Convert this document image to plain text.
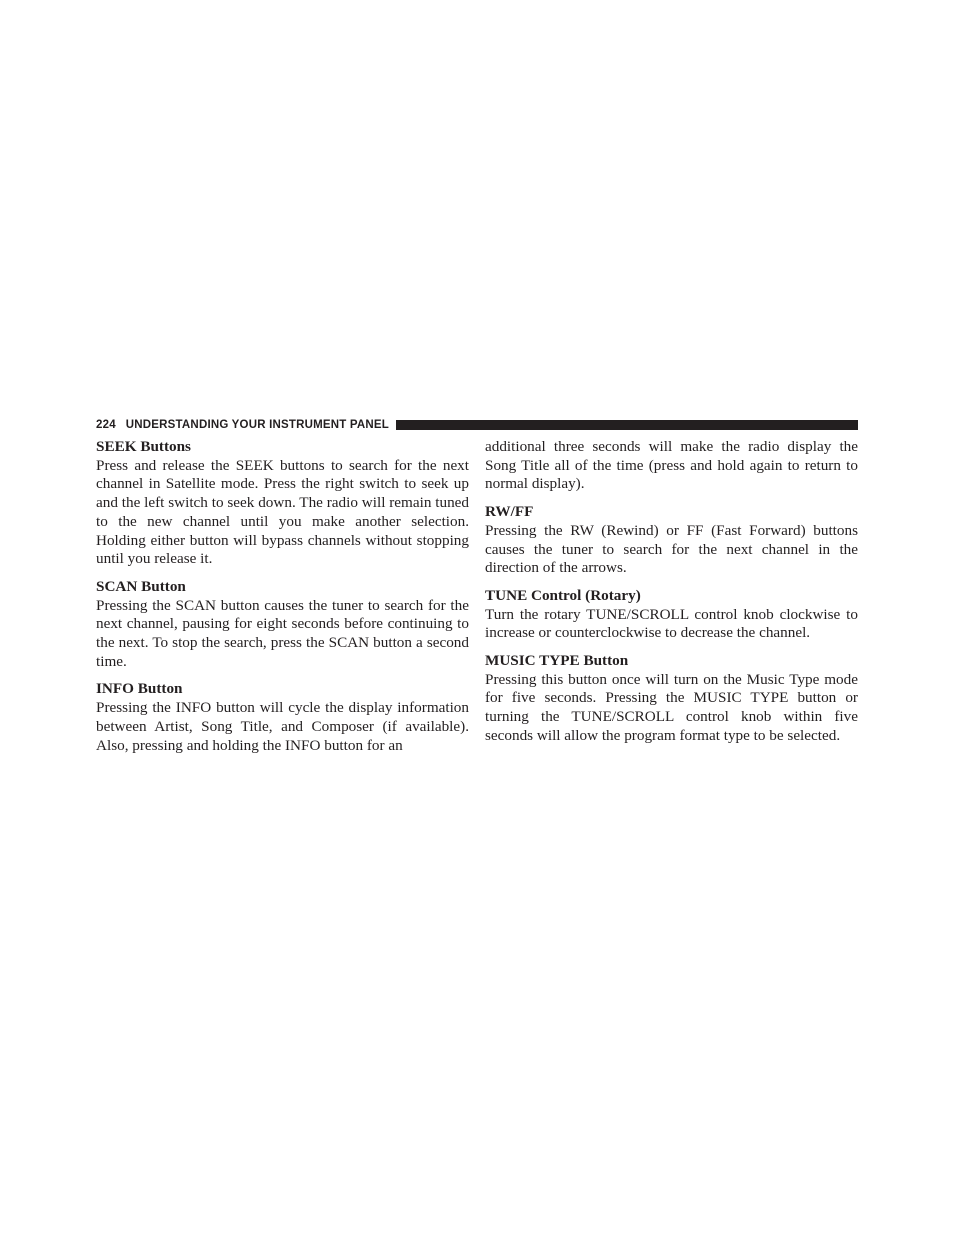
224 UNDERSTANDING YOUR INSTRUMENT PANEL
SEEK Buttons

Press and release the SEEK buttons to search for the next channel in Satellite mode. Press the right switch to seek up and the left switch to seek down. The radio will remain tuned to the new channel until you make another selection. Holding either button will bypass channels without stopping until you release it.

SCAN Button

Pressing the SCAN button causes the tuner to search for the next channel, pausing for eight seconds before continuing to the next. To stop the search, press the SCAN button a second time.

INFO Button

Pressing the INFO button will cycle the display information between Artist, Song Title, and Composer (if available). Also, pressing and holding the INFO button for an

additional three seconds will make the radio display the Song Title all of the time (press and hold again to return to normal display).

RW/FF

Pressing the RW (Rewind) or FF (Fast Forward) buttons causes the tuner to search for the next channel in the direction of the arrows.

TUNE Control (Rotary)

Turn the rotary TUNE/SCROLL control knob clockwise to increase or counterclockwise to decrease the channel.

MUSIC TYPE Button

Pressing this button once will turn on the Music Type mode for five seconds. Pressing the MUSIC TYPE button or turning the TUNE/SCROLL control knob within five seconds will allow the program format type to be selected.
